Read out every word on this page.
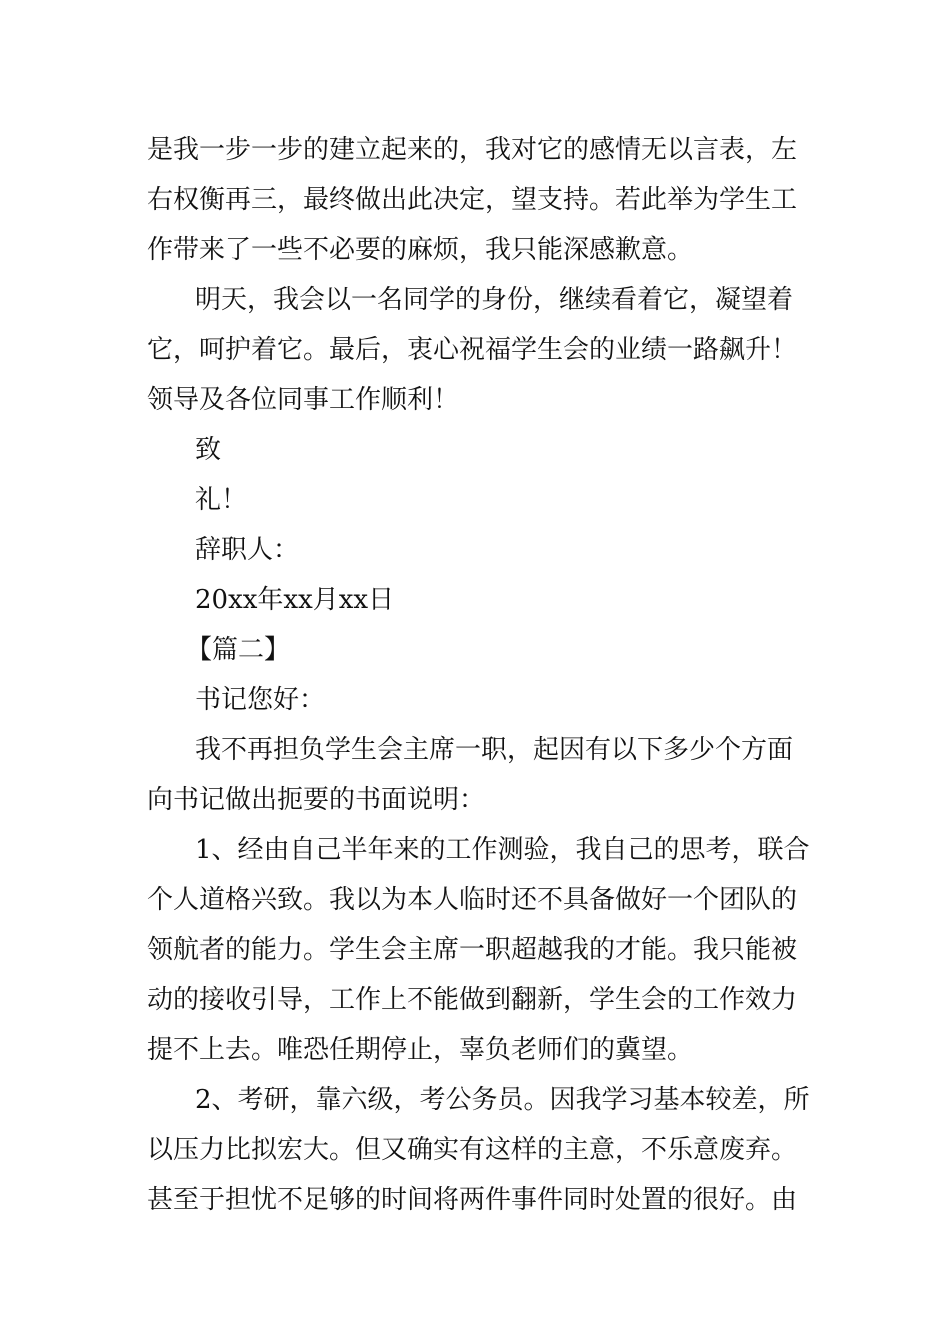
是我一步一步的建立起来的，我对它的感情无以言表，左
右权衡再三，最终做出此决定，望支持。若此举为学生工
作带来了一些不必要的麻烦，我只能深感歉意。
明天，我会以一名同学的身份，继续看着它，凝望着
它，呵护着它。最后，衷心祝福学生会的业绩一路飙升！
领导及各位同事工作顺利！
致
礼！
辞职人：
20xx年xx月xx日
【篇二】
书记您好：
我不再担负学生会主席一职，起因有以下多少个方面
向书记做出扼要的书面说明：
1、经由自己半年来的工作测验，我自己的思考，联合
个人道格兴致。我以为本人临时还不具备做好一个团队的
领航者的能力。学生会主席一职超越我的才能。我只能被
动的接收引导，工作上不能做到翻新，学生会的工作效力
提不上去。唯恐任期停止，辜负老师们的冀望。
2、考研，靠六级，考公务员。因我学习基本较差，所
以压力比拟宏大。但又确实有这样的主意，不乐意废弃。
甚至于担忧不足够的时间将两件事件同时处置的很好。由
